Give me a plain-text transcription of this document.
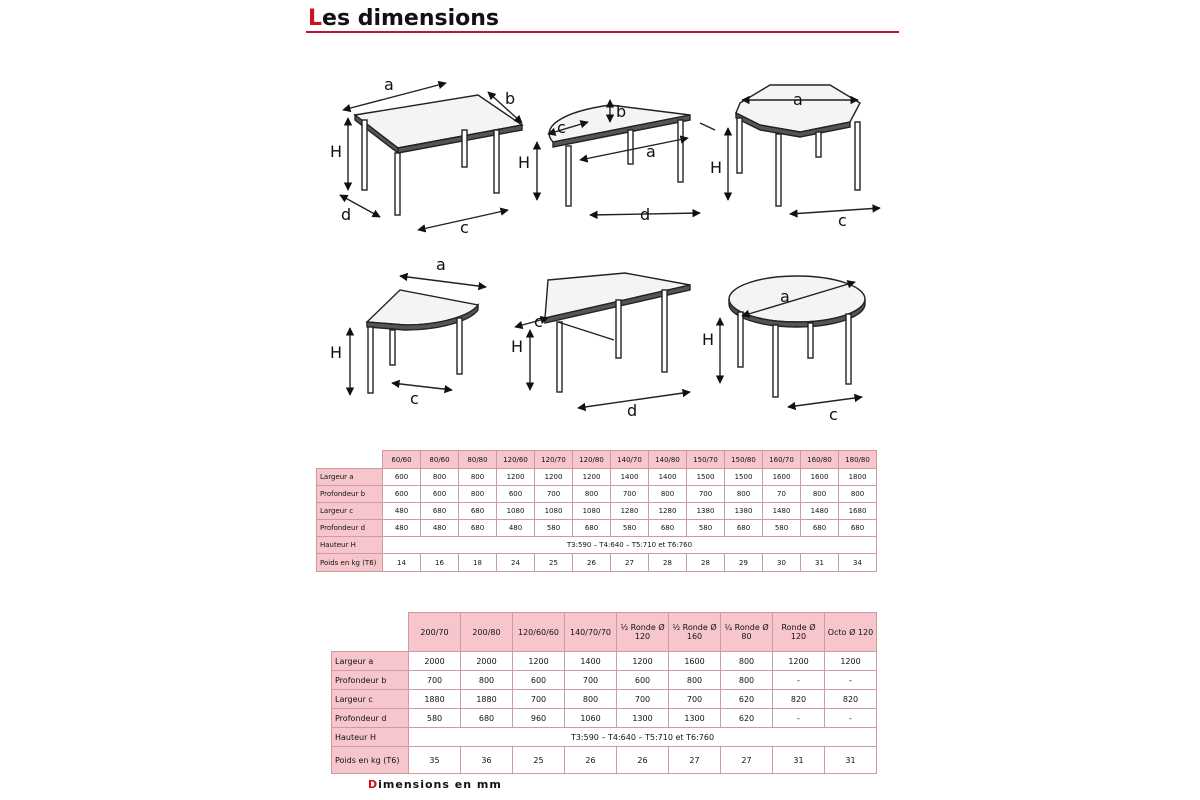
Les dimensions
a
b
H
d
c
b
c
a
H
d
a
H
c
a
H
c
c
H
d
a
H
c
	60/60	80/60	80/80	120/60	120/70	120/80	140/70	140/80	150/70	150/80	160/70	160/80	180/80
Largeur a	600	800	800	1200	1200	1200	1400	1400	1500	1500	1600	1600	1800
Profondeur b	600	600	800	600	700	800	700	800	700	800	70	800	800
Largeur c	480	680	680	1080	1080	1080	1280	1280	1380	1380	1480	1480	1680
Profondeur d	480	480	680	480	580	680	580	680	580	680	580	680	680
Hauteur H	T3:590 – T4:640 – T5:710 et T6:760												
Poids en kg (T6)	14	16	18	24	25	26	27	28	28	29	30	31	34
	200/70	200/80	120/60/60	140/70/70	½ Ronde Ø 120	½ Ronde Ø 160	¼ Ronde Ø 80	Ronde Ø 120	Octo Ø 120
Largeur a	2000	2000	1200	1400	1200	1600	800	1200	1200
Profondeur b	700	800	600	700	600	800	800	-	-
Largeur c	1880	1880	700	800	700	700	620	820	820
Profondeur d	580	680	960	1060	1300	1300	620	-	-
Hauteur H	T3:590 – T4:640 – T5:710 et T6:760								
Poids en kg (T6)	35	36	25	26	26	27	27	31	31
Dimensions en mm
